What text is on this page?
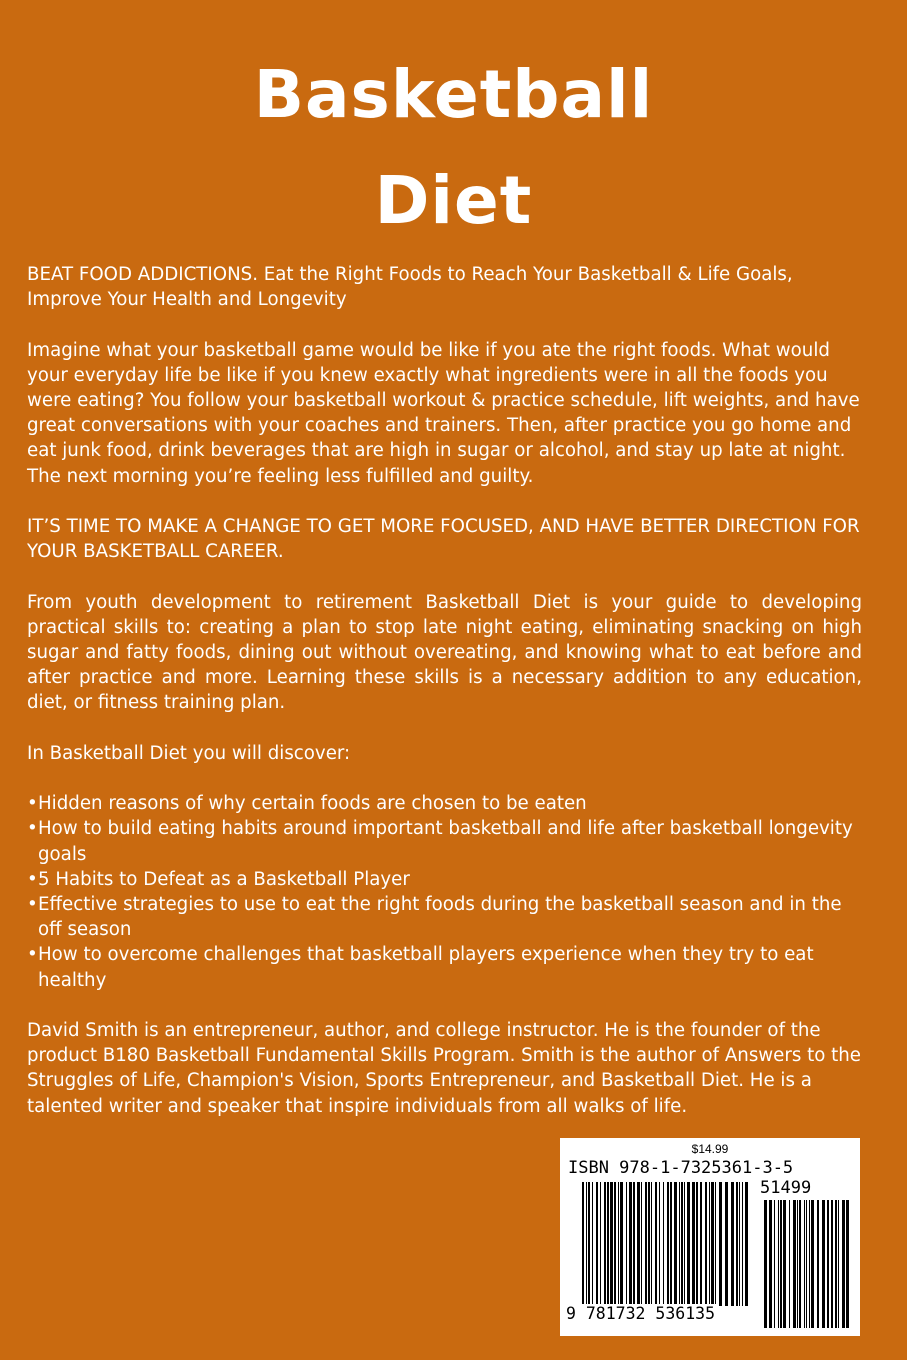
Basketball
Diet

BEAT FOOD ADDICTIONS. Eat the Right Foods to Reach Your Basketball & Life Goals, Improve Your Health and Longevity

Imagine what your basketball game would be like if you ate the right foods. What would your everyday life be like if you knew exactly what ingredients were in all the foods you were eating? You follow your basketball workout & practice schedule, lift weights, and have great conversations with your coaches and trainers. Then, after practice you go home and eat junk food, drink beverages that are high in sugar or alcohol, and stay up late at night. The next morning you’re feeling less fulfilled and guilty.

IT’S TIME TO MAKE A CHANGE TO GET MORE FOCUSED, AND HAVE BETTER DIRECTION FOR YOUR BASKETBALL CAREER.

From youth development to retirement Basketball Diet is your guide to developing practical skills to: creating a plan to stop late night eating, eliminating snacking on high sugar and fatty foods, dining out without overeating, and knowing what to eat before and after practice and more. Learning these skills is a necessary addition to any education, diet, or fitness training plan.

In Basketball Diet you will discover:

• Hidden reasons of why certain foods are chosen to be eaten
• How to build eating habits around important basketball and life after basketball longevity goals
• 5 Habits to Defeat as a Basketball Player
• Effective strategies to use to eat the right foods during the basketball season and in the off season
• How to overcome challenges that basketball players experience when they try to eat healthy

David Smith is an entrepreneur, author, and college instructor. He is the founder of the product B180 Basketball Fundamental Skills Program. Smith is the author of Answers to the Struggles of Life, Champion's Vision, Sports Entrepreneur, and Basketball Diet. He is a talented writer and speaker that inspire individuals from all walks of life.

$14.99
ISBN 978-1-7325361-3-5
51499
9 781732 536135
